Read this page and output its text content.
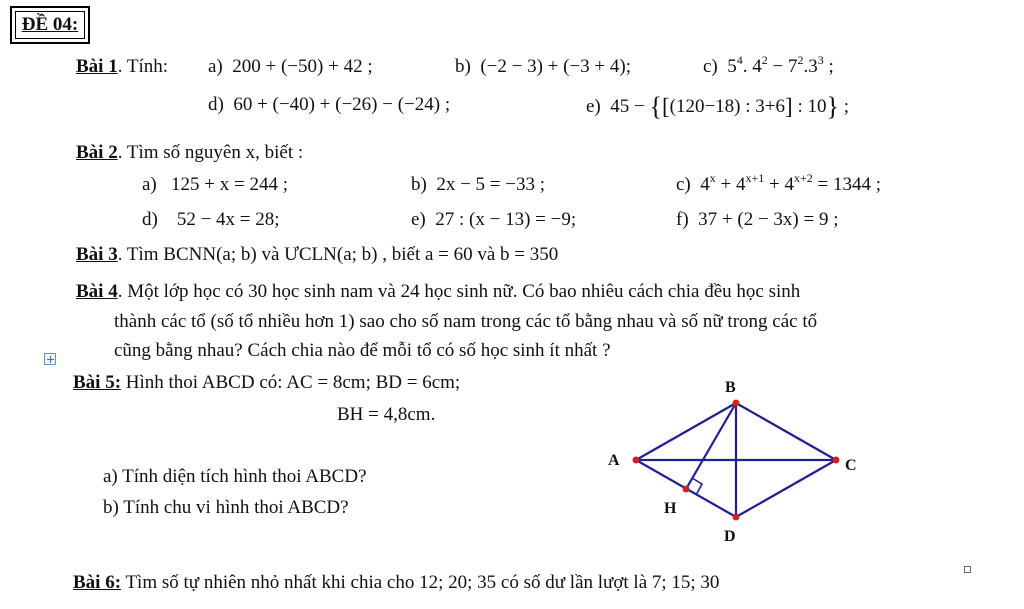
ĐỀ 04:
Bài 1. Tính: a) 200 + (−50) + 42 ;	b) (−2 − 3) + (−3 + 4);	c) $5^4$. $4^2 - 7^2.3^3$ ;
d) 60 + (−40) + (−26) − (−24) ;	e) 45 − {[(120−18) : 3+6] : 10} ;
Bài 2. Tìm số nguyên x, biết :
a) 125 + x = 244 ;	b) 2x − 5 = −33 ;	c) $4^x + 4^{x+1} + 4^{x+2} = 1344$ ;
d) 52 − 4x = 28;	e) 27 : (x − 13) = −9;	f) 37 + (2 − 3x) = 9 ;
Bài 3. Tìm BCNN(a; b) và ƯCLN(a; b) , biết a = 60 và b = 350
Bài 4. Một lớp học có 30 học sinh nam và 24 học sinh nữ. Có bao nhiêu cách chia đều học sinh
thành các tổ (số tổ nhiều hơn 1) sao cho số nam trong các tổ bằng nhau và số nữ trong các tổ
cũng bằng nhau? Cách chia nào để mỗi tổ có số học sinh ít nhất ?
Bài 5: Hình thoi ABCD có: AC = 8cm; BD = 6cm;
BH = 4,8cm.
a) Tính diện tích hình thoi ABCD?
b) Tính chu vi hình thoi ABCD?
A
B
C
D
H
Bài 6: Tìm số tự nhiên nhỏ nhất khi chia cho 12; 20; 35 có số dư lần lượt là 7; 15; 30
